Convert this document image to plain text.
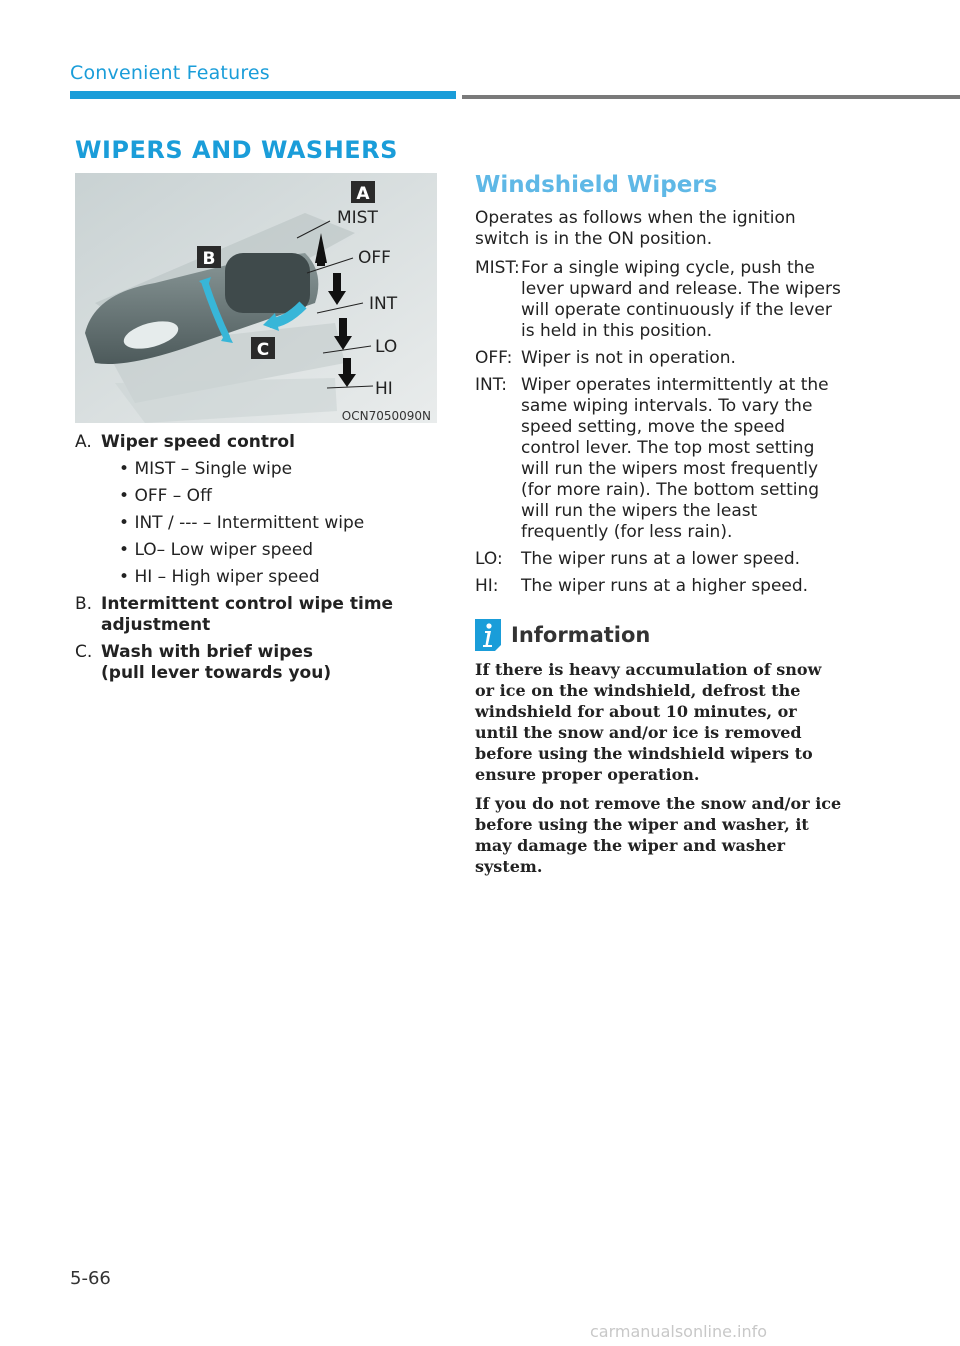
Convenient Features
WIPERS AND WASHERS
A
B
C
MIST
OFF
INT
LO
HI
OCN7050090N
A. Wiper speed control
• MIST – Single wipe
• OFF – Off
• INT / --- – Intermittent wipe
• LO– Low wiper speed
• HI – High wiper speed
B. Intermittent control wipe time adjustment
C. Wash with brief wipes (pull lever towards you)
Windshield Wipers

Operates as follows when the ignition switch is in the ON position.

MIST: For a single wiping cycle, push the lever upward and release. The wipers will operate continuously if the lever is held in this position.
OFF: Wiper is not in operation.
INT: Wiper operates intermittently at the same wiping intervals. To vary the speed setting, move the speed control lever. The top most setting will run the wipers most frequently (for more rain). The bottom setting will run the wipers the least frequently (for less rain).
LO:	The wiper runs at a lower speed.
HI:	The wiper runs at a higher speed.
Information

If there is heavy accumulation of snow or ice on the windshield, defrost the windshield for about 10 minutes, or until the snow and/or ice is removed before using the windshield wipers to ensure proper operation.

If you do not remove the snow and/or ice before using the wiper and washer, it may damage the wiper and washer system.

5-66
carmanualsonline.info
